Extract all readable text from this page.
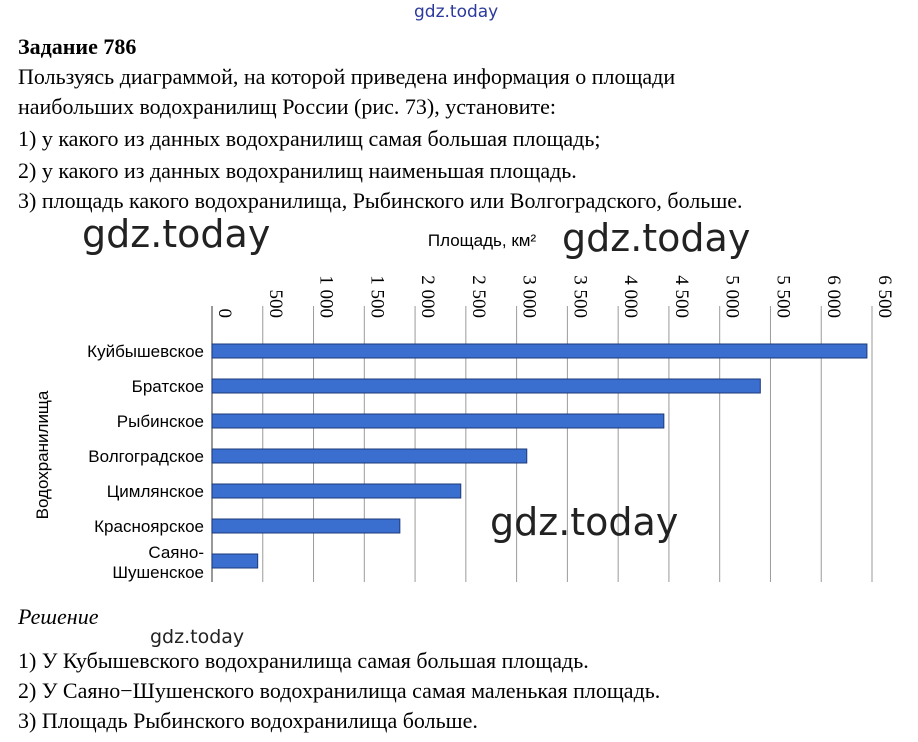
gdz.today
Задание 786
Пользуясь диаграммой, на которой приведена информация о площади
наибольших водохранилищ России (рис. 73), установите:
1) у какого из данных водохранилищ самая большая площадь;
2) у какого из данных водохранилищ наименьшая площадь.
3) площадь какого водохранилища, Рыбинского или Волгоградского, больше.
0 500 1 000 1 500 2 000 2 500 3 000 3 500 4 000 4 500 5 000 5 500 6 000 6 500
Куйбышевское
Братское
Рыбинское
Волгоградское
Цимлянское
Красноярское
Саяно-Шушенское
Площадь, км²
Водохранилища
gdz.today	gdz.today
gdz.today
Решение
gdz.today
1) У Кубышевского водохранилища самая большая площадь.
2) У Саяно−Шушенского водохранилища самая маленькая площадь.
3) Площадь Рыбинского водохранилища больше.
